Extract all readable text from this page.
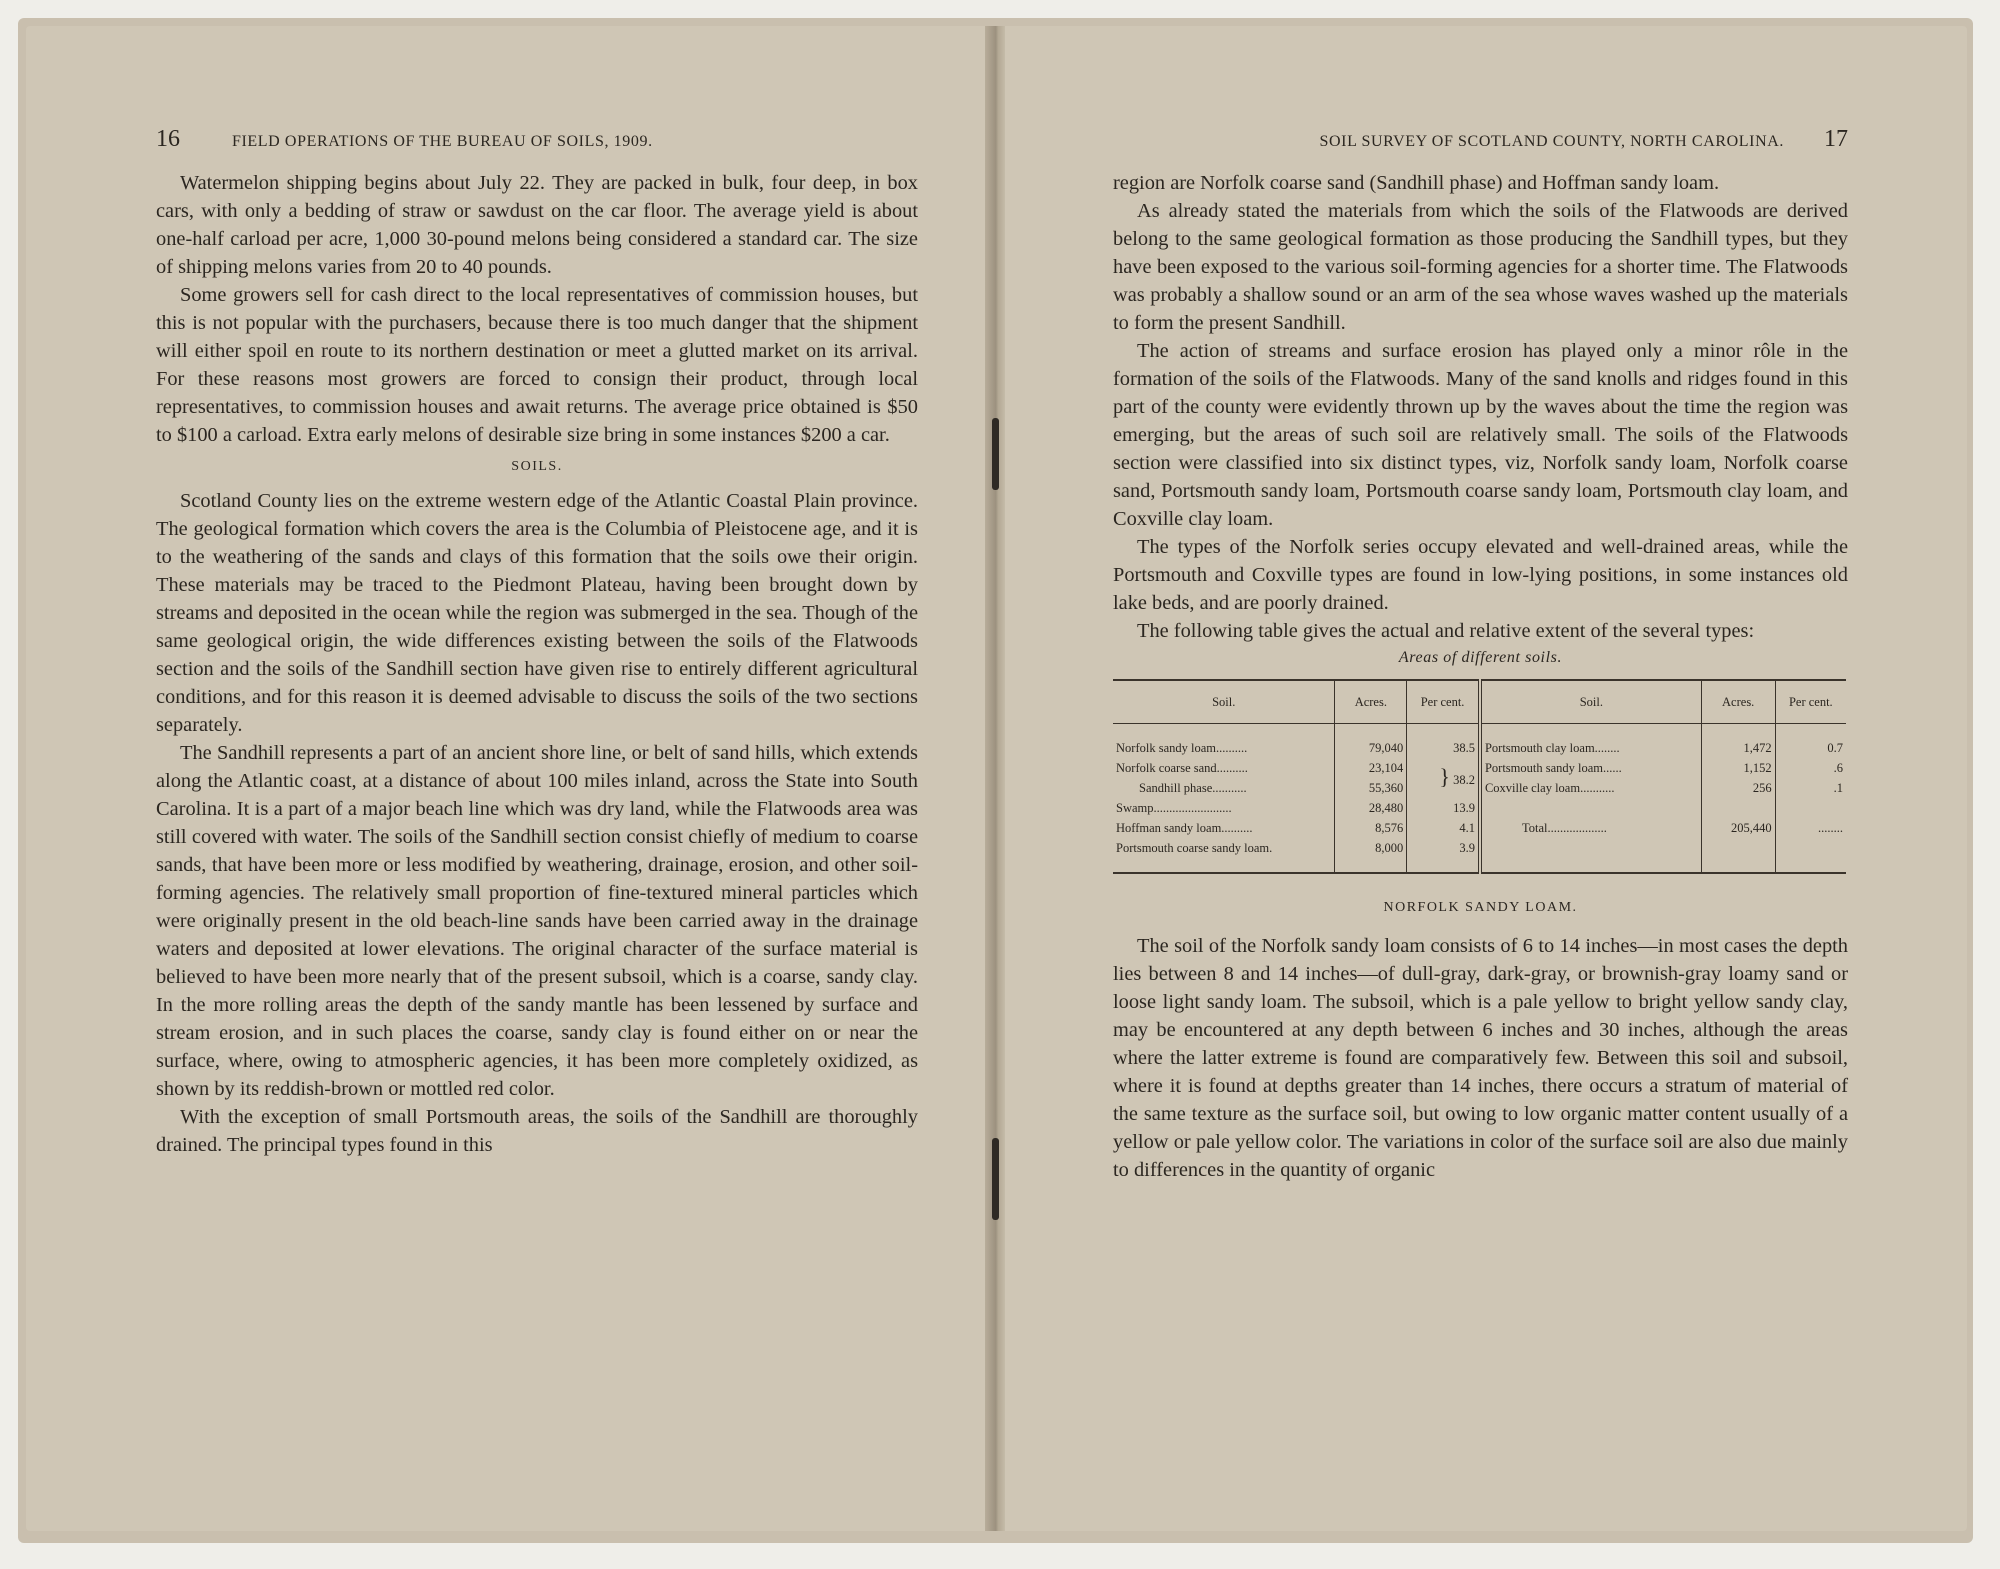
16	FIELD OPERATIONS OF THE BUREAU OF SOILS, 1909.

Watermelon shipping begins about July 22. They are packed in bulk, four deep, in box cars, with only a bedding of straw or sawdust on the car floor. The average yield is about one-half carload per acre, 1,000 30-pound melons being considered a standard car. The size of shipping melons varies from 20 to 40 pounds.

Some growers sell for cash direct to the local representatives of commission houses, but this is not popular with the purchasers, because there is too much danger that the shipment will either spoil en route to its northern destination or meet a glutted market on its arrival. For these reasons most growers are forced to consign their product, through local representatives, to commission houses and await returns. The average price obtained is $50 to $100 a carload. Extra early melons of desirable size bring in some instances $200 a car.

SOILS.

Scotland County lies on the extreme western edge of the Atlantic Coastal Plain province. The geological formation which covers the area is the Columbia of Pleistocene age, and it is to the weathering of the sands and clays of this formation that the soils owe their origin. These materials may be traced to the Piedmont Plateau, having been brought down by streams and deposited in the ocean while the region was submerged in the sea. Though of the same geological origin, the wide differences existing between the soils of the Flatwoods section and the soils of the Sandhill section have given rise to entirely different agricultural conditions, and for this reason it is deemed advisable to discuss the soils of the two sections separately.

The Sandhill represents a part of an ancient shore line, or belt of sand hills, which extends along the Atlantic coast, at a distance of about 100 miles inland, across the State into South Carolina. It is a part of a major beach line which was dry land, while the Flatwoods area was still covered with water. The soils of the Sandhill section consist chiefly of medium to coarse sands, that have been more or less modified by weathering, drainage, erosion, and other soil-forming agencies. The relatively small proportion of fine-textured mineral particles which were originally present in the old beach-line sands have been carried away in the drainage waters and deposited at lower elevations. The original character of the surface material is believed to have been more nearly that of the present subsoil, which is a coarse, sandy clay. In the more rolling areas the depth of the sandy mantle has been lessened by surface and stream erosion, and in such places the coarse, sandy clay is found either on or near the surface, where, owing to atmospheric agencies, it has been more completely oxidized, as shown by its reddish-brown or mottled red color.

With the exception of small Portsmouth areas, the soils of the Sandhill are thoroughly drained. The principal types found in this

SOIL SURVEY OF SCOTLAND COUNTY, NORTH CAROLINA.	17

region are Norfolk coarse sand (Sandhill phase) and Hoffman sandy loam.

As already stated the materials from which the soils of the Flatwoods are derived belong to the same geological formation as those producing the Sandhill types, but they have been exposed to the various soil-forming agencies for a shorter time. The Flatwoods was probably a shallow sound or an arm of the sea whose waves washed up the materials to form the present Sandhill.

The action of streams and surface erosion has played only a minor rôle in the formation of the soils of the Flatwoods. Many of the sand knolls and ridges found in this part of the county were evidently thrown up by the waves about the time the region was emerging, but the areas of such soil are relatively small. The soils of the Flatwoods section were classified into six distinct types, viz, Norfolk sandy loam, Norfolk coarse sand, Portsmouth sandy loam, Portsmouth coarse sandy loam, Portsmouth clay loam, and Coxville clay loam.

The types of the Norfolk series occupy elevated and well-drained areas, while the Portsmouth and Coxville types are found in low-lying positions, in some instances old lake beds, and are poorly drained.

The following table gives the actual and relative extent of the several types:

Areas of different soils.
Soil.	Acres.	Per cent.	Soil.	Acres.	Per cent.

Norfolk sandy loam..........	79,040	38.5	Portsmouth clay loam........	1,472	0.7
Norfolk coarse sand..........	23,104	} 38.2	Portsmouth sandy loam......	1,152	.6
Sandhill phase...........	55,360		Coxville clay loam...........	256	.1
Swamp.........................	28,480	13.9			
Hoffman sandy loam..........	8,576	4.1	Total...................	205,440	........
Portsmouth coarse sandy loam.	8,000	3.9			

NORFOLK SANDY LOAM.

The soil of the Norfolk sandy loam consists of 6 to 14 inches—in most cases the depth lies between 8 and 14 inches—of dull-gray, dark-gray, or brownish-gray loamy sand or loose light sandy loam. The subsoil, which is a pale yellow to bright yellow sandy clay, may be encountered at any depth between 6 inches and 30 inches, although the areas where the latter extreme is found are comparatively few. Between this soil and subsoil, where it is found at depths greater than 14 inches, there occurs a stratum of material of the same texture as the surface soil, but owing to low organic matter content usually of a yellow or pale yellow color. The variations in color of the surface soil are also due mainly to differences in the quantity of organic
